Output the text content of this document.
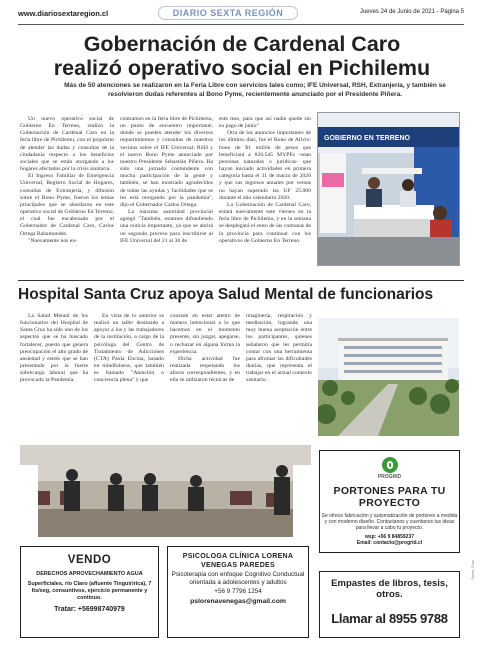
www.diariosextaregion.cl	DIARIO SEXTA REGIÓN	Jueves 24 de Junio de 2021 - Página 5
Gobernación de Cardenal Caro
realizó operativo social en Pichilemu
Más de 50 atenciones se realizaron en la Feria Libre con servicios tales como; IFE Universal, RSH, Extranjería, y también se resolvieron dudas referentes al Bono Pyme, recientemente anunciado por el Presidente Piñera.

Un nuevo operativo social de Gobierno En Terreno, realizó la Gobernación de Cardenal Caro en la feria libre de Pichilemu, con el propósito de atender las dudas y consultas de la ciudadanía respecto a los beneficios sociales que se están otorgando a los hogares afectados por la crisis sanitaria.

El Ingreso Familiar de Emergencia Universal, Registro Social de Hogares, consultas de Extranjería, y difusión sobre el Bono Pyme, fueron los temas principales que se abordaron en este operativo social de Gobierno En Terreno, el cual fue encabezado por el Gobernador de Cardenal Caro, Carlos Ortega Bahamondes.

"Nuevamente nos en-

contramos en la feria libre de Pichilemu, un punto de encuentro importante, donde se pueden atender los diversos requerimientos y consultas de nuestros vecinos sobre el IFE Universal, RSH y el nuevo Bono Pyme anunciado por nuestro Presidente Sebastián Piñera. Ha sido una jornada contundente con mucha participación de la gente y también, se han mostrado agradecidos de todas las ayudas y facilidades que se les está otorgando por la pandemia", dijo el Gobernador Carlos Ortega.

La máxima autoridad provincial agregó "También, estamos difundiendo una noticia importante, ya que se abrirá un segundo proceso para inscribirse al IFE Universal del 21 al 30 de

este mes, para que así nadie quede sin su pago de junio"

Otra de los anuncios importantes de los últimos días, fue el Bono de Alivio: bono de $1 millón de pesos que beneficiará a 820.545 MYPEs -sean personas naturales o jurídicas- que hayan iniciado actividades en primera categoría hasta el 31 de marzo de 2020 y que sus ingresos anuales por ventas no hayan superado las UF 25.000 durante el año calendario 2020.

La Gobernación de Cardenal Caro, estará nuevamente este viernes en la feria libre de Pichilemu, y en la semana se desplegará el resto de las comunas de la provincia para continuar con los operativos de Gobierno En Terreno.

GOBIERNO EN TERRENO
Hospital Santa Cruz apoya Salud Mental de funcionarios

La Salud Mental de los funcionarios del Hospital de Santa Cruz ha sido uno de los aspectos que se ha buscado fortalecer, puesto que genera preocupación el alto grado de ansiedad y estrés que se han presentado por la fuerte sobrecarga laboral que ha provocado la Pandemia.

En vista de lo anterior se realizó un taller destinado a apoyar a los y las trabajadores de la institución, a cargo de la psicóloga del Centro de Tratamiento de Adicciones (CTA) Paola Encina, basado en mindfulness, que también es llamado "Atención o conciencia plena" y que

consiste en estar atento de manera intencional a lo que hacemos en el momento presente, sin juzgar, apegarse, o rechazar en alguna forma la experiencia.

Dicha actividad fue realizada respetando los aforos correspondientes, y en ella se utilizaron técnicas de

imaginería, respiración y meditación, logrando una muy buena aceptación entre los participantes, quienes señalaron que les permitía contar con una herramienta para afrontar las dificultades diarias, que representa el trabajar en el actual contexto sanitario.

PROGRID
PORTONES PARA TU PROYECTO
Se ofrece fabricación y automatización de portones a medida y con moderno diseño. Contactanos y cuentanos tus ideas para llevar a cabo tu proyecto.
wsp: +56 9 84859237
Email: contacto@progrid.cl
VENDO
DERECHOS APROVECHAMIENTO AGUA
Superficiales, río Claro (afluente Tinguiririca), 7 lts/seg, consuntivos, ejercicio permanente y continuo.
Tratar: +56998740979
PSICOLOGA CLÍNICA LORENA VENEGAS PAREDES
Psicoterapia con enfoque Cognitivo Conductual orientada a adolescentes y adultos
+56 9 7796 1254
pslorenavenegas@gmail.com
Empastes de libros, tesis, otros.
Llamar al 8955 9788
Santa Cruz
